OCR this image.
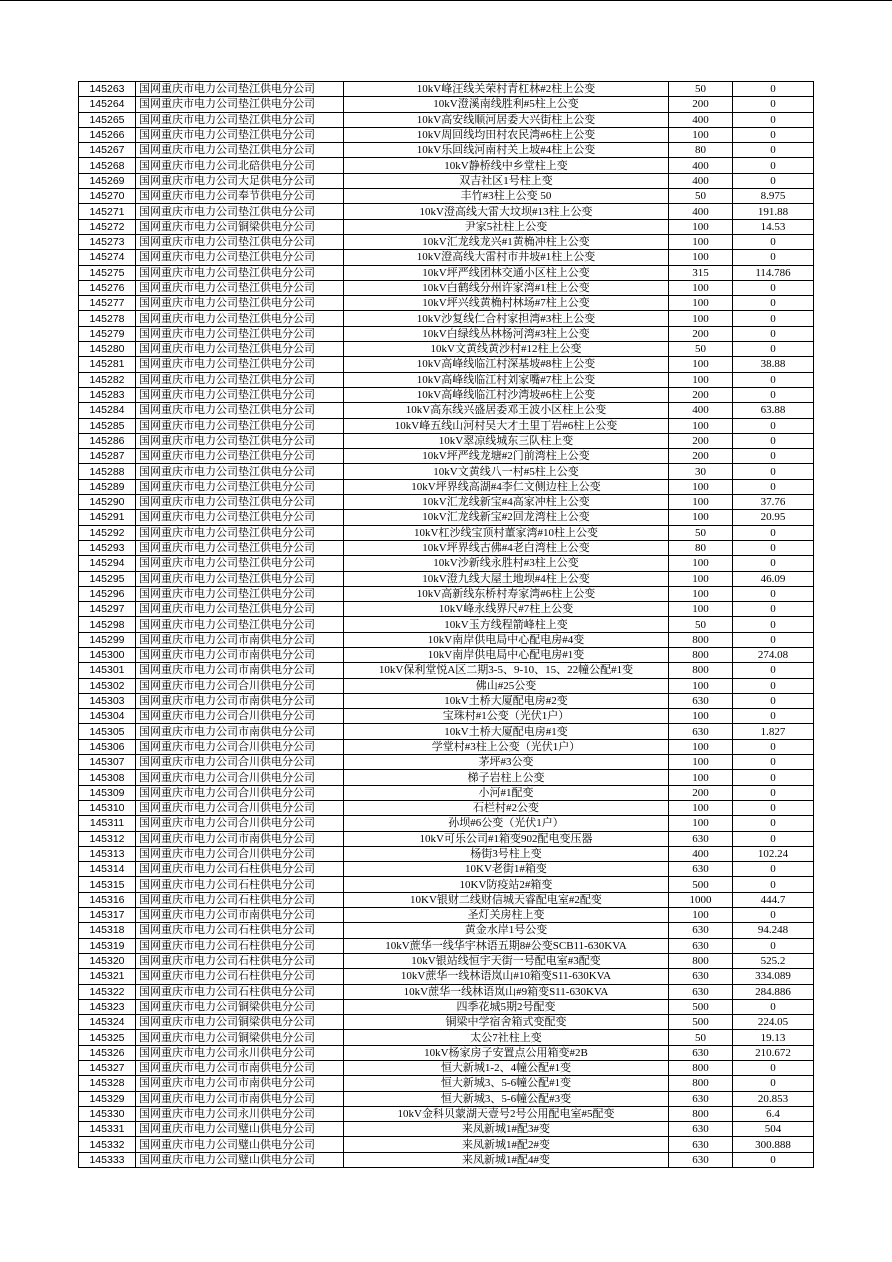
145263	国网重庆市电力公司垫江供电分公司	10kV峰汪线关荣村青杠林#2柱上公变	50	0
145264	国网重庆市电力公司垫江供电分公司	10kV澄溪南线胜利#5柱上公变	200	0
145265	国网重庆市电力公司垫江供电分公司	10kV高安线顺河居委大兴街柱上公变	400	0
145266	国网重庆市电力公司垫江供电分公司	10kV周回线均田村农民湾#6柱上公变	100	0
145267	国网重庆市电力公司垫江供电分公司	10kV乐回线河南村关上坡#4柱上公变	80	0
145268	国网重庆市电力公司北碚供电分公司	10kV静桥线中乡堂柱上变	400	0
145269	国网重庆市电力公司大足供电分公司	双吉社区1号柱上变	400	0
145270	国网重庆市电力公司奉节供电分公司	丰竹#3柱上公变 50	50	8.975
145271	国网重庆市电力公司垫江供电分公司	10kV澄高线大雷大坟坝#13柱上公变	400	191.88
145272	国网重庆市电力公司铜梁供电分公司	尹家5社柱上公变	100	14.53
145273	国网重庆市电力公司垫江供电分公司	10kV汇龙线龙兴#1黄桷冲柱上公变	100	0
145274	国网重庆市电力公司垫江供电分公司	10kV澄高线大雷村市井坡#1柱上公变	100	0
145275	国网重庆市电力公司垫江供电分公司	10kV坪严线团林交通小区柱上公变	315	114.786
145276	国网重庆市电力公司垫江供电分公司	10kV白鹤线分州许家湾#1柱上公变	100	0
145277	国网重庆市电力公司垫江供电分公司	10kV坪兴线黄桷村林场#7柱上公变	100	0
145278	国网重庆市电力公司垫江供电分公司	10kV沙复线仁合村家担湾#3柱上公变	100	0
145279	国网重庆市电力公司垫江供电分公司	10kV白绿线丛林杨河湾#3柱上公变	200	0
145280	国网重庆市电力公司垫江供电分公司	10kV文黄线黄沙村#12柱上公变	50	0
145281	国网重庆市电力公司垫江供电分公司	10kV高峰线临江村深基坡#8柱上公变	100	38.88
145282	国网重庆市电力公司垫江供电分公司	10kV高峰线临江村刘家嘴#7柱上公变	100	0
145283	国网重庆市电力公司垫江供电分公司	10kV高峰线临江村沙湾坡#6柱上公变	200	0
145284	国网重庆市电力公司垫江供电分公司	10kV高东线兴盛居委邓王波小区柱上公变	400	63.88
145285	国网重庆市电力公司垫江供电分公司	10kV峰五线山河村吴大才土里丁岩#6柱上公变	100	0
145286	国网重庆市电力公司垫江供电分公司	10kV翠凉线城东三队柱上变	200	0
145287	国网重庆市电力公司垫江供电分公司	10kV坪严线龙塘#2门前湾柱上公变	200	0
145288	国网重庆市电力公司垫江供电分公司	10kV文黄线八一村#5柱上公变	30	0
145289	国网重庆市电力公司垫江供电分公司	10kV坪界线高湖#4李仁文侧边柱上公变	100	0
145290	国网重庆市电力公司垫江供电分公司	10kV汇龙线新宝#4高家冲柱上公变	100	37.76
145291	国网重庆市电力公司垫江供电分公司	10kV汇龙线新宝#2回龙湾柱上公变	100	20.95
145292	国网重庆市电力公司垫江供电分公司	10kV杠沙线宝顶村董家湾#10柱上公变	50	0
145293	国网重庆市电力公司垫江供电分公司	10kV坪界线古佛#4老白湾柱上公变	80	0
145294	国网重庆市电力公司垫江供电分公司	10kV沙新线永胜村#3柱上公变	100	0
145295	国网重庆市电力公司垫江供电分公司	10kV澄九线大屋土地坝#4柱上公变	100	46.09
145296	国网重庆市电力公司垫江供电分公司	10kV高新线东桥村寿家湾#6柱上公变	100	0
145297	国网重庆市电力公司垫江供电分公司	10kV峰永线界尺#7柱上公变	100	0
145298	国网重庆市电力公司垫江供电分公司	10kV玉方线程箭峰柱上变	50	0
145299	国网重庆市电力公司市南供电分公司	10kV南岸供电局中心配电房#4变	800	0
145300	国网重庆市电力公司市南供电分公司	10kV南岸供电局中心配电房#1变	800	274.08
145301	国网重庆市电力公司市南供电分公司	10kV保利堂悦A区二期3-5、9-10、15、22幢公配#1变	800	0
145302	国网重庆市电力公司合川供电分公司	佛山#25公变	100	0
145303	国网重庆市电力公司市南供电分公司	10kV土桥大厦配电房#2变	630	0
145304	国网重庆市电力公司合川供电分公司	宝珠村#1公变（光伏1户）	100	0
145305	国网重庆市电力公司市南供电分公司	10kV土桥大厦配电房#1变	630	1.827
145306	国网重庆市电力公司合川供电分公司	学堂村#3柱上公变（光伏1户）	100	0
145307	国网重庆市电力公司合川供电分公司	茅坪#3公变	100	0
145308	国网重庆市电力公司合川供电分公司	梯子岩柱上公变	100	0
145309	国网重庆市电力公司合川供电分公司	小河#1配变	200	0
145310	国网重庆市电力公司合川供电分公司	石栏村#2公变	100	0
145311	国网重庆市电力公司合川供电分公司	孙坝#6公变（光伏1户）	100	0
145312	国网重庆市电力公司市南供电分公司	10kV可乐公司#1箱变902配电变压器	630	0
145313	国网重庆市电力公司合川供电分公司	杨街3号柱上变	400	102.24
145314	国网重庆市电力公司石柱供电分公司	10KV老街1#箱变	630	0
145315	国网重庆市电力公司石柱供电分公司	10KV防疫站2#箱变	500	0
145316	国网重庆市电力公司石柱供电分公司	10KV银财二线财信城天睿配电室#2配变	1000	444.7
145317	国网重庆市电力公司市南供电分公司	圣灯关房柱上变	100	0
145318	国网重庆市电力公司石柱供电分公司	黄金水岸1号公变	630	94.248
145319	国网重庆市电力公司石柱供电分公司	10kV蔗华一线华宇林语五期8#公变SCB11-630KVA	630	0
145320	国网重庆市电力公司石柱供电分公司	10kV银站线恒宇天街一号配电室#3配变	800	525.2
145321	国网重庆市电力公司石柱供电分公司	10kV蔗华一线林语岚山#10箱变S11-630KVA	630	334.089
145322	国网重庆市电力公司石柱供电分公司	10kV蔗华一线林语岚山#9箱变S11-630KVA	630	284.886
145323	国网重庆市电力公司铜梁供电分公司	四季花城5期2号配变	500	0
145324	国网重庆市电力公司铜梁供电分公司	铜梁中学宿舍箱式变配变	500	224.05
145325	国网重庆市电力公司铜梁供电分公司	太公7社柱上变	50	19.13
145326	国网重庆市电力公司永川供电分公司	10kV杨家房子安置点公用箱变#2B	630	210.672
145327	国网重庆市电力公司市南供电分公司	恒大新城1-2、4幢公配#1变	800	0
145328	国网重庆市电力公司市南供电分公司	恒大新城3、5-6幢公配#1变	800	0
145329	国网重庆市电力公司市南供电分公司	恒大新城3、5-6幢公配#3变	630	20.853
145330	国网重庆市电力公司永川供电分公司	10kV金科贝蒙湖天壹号2号公用配电室#5配变	800	6.4
145331	国网重庆市电力公司璧山供电分公司	来凤新城1#配3#变	630	504
145332	国网重庆市电力公司璧山供电分公司	来凤新城1#配2#变	630	300.888
145333	国网重庆市电力公司璧山供电分公司	来凤新城1#配4#变	630	0
